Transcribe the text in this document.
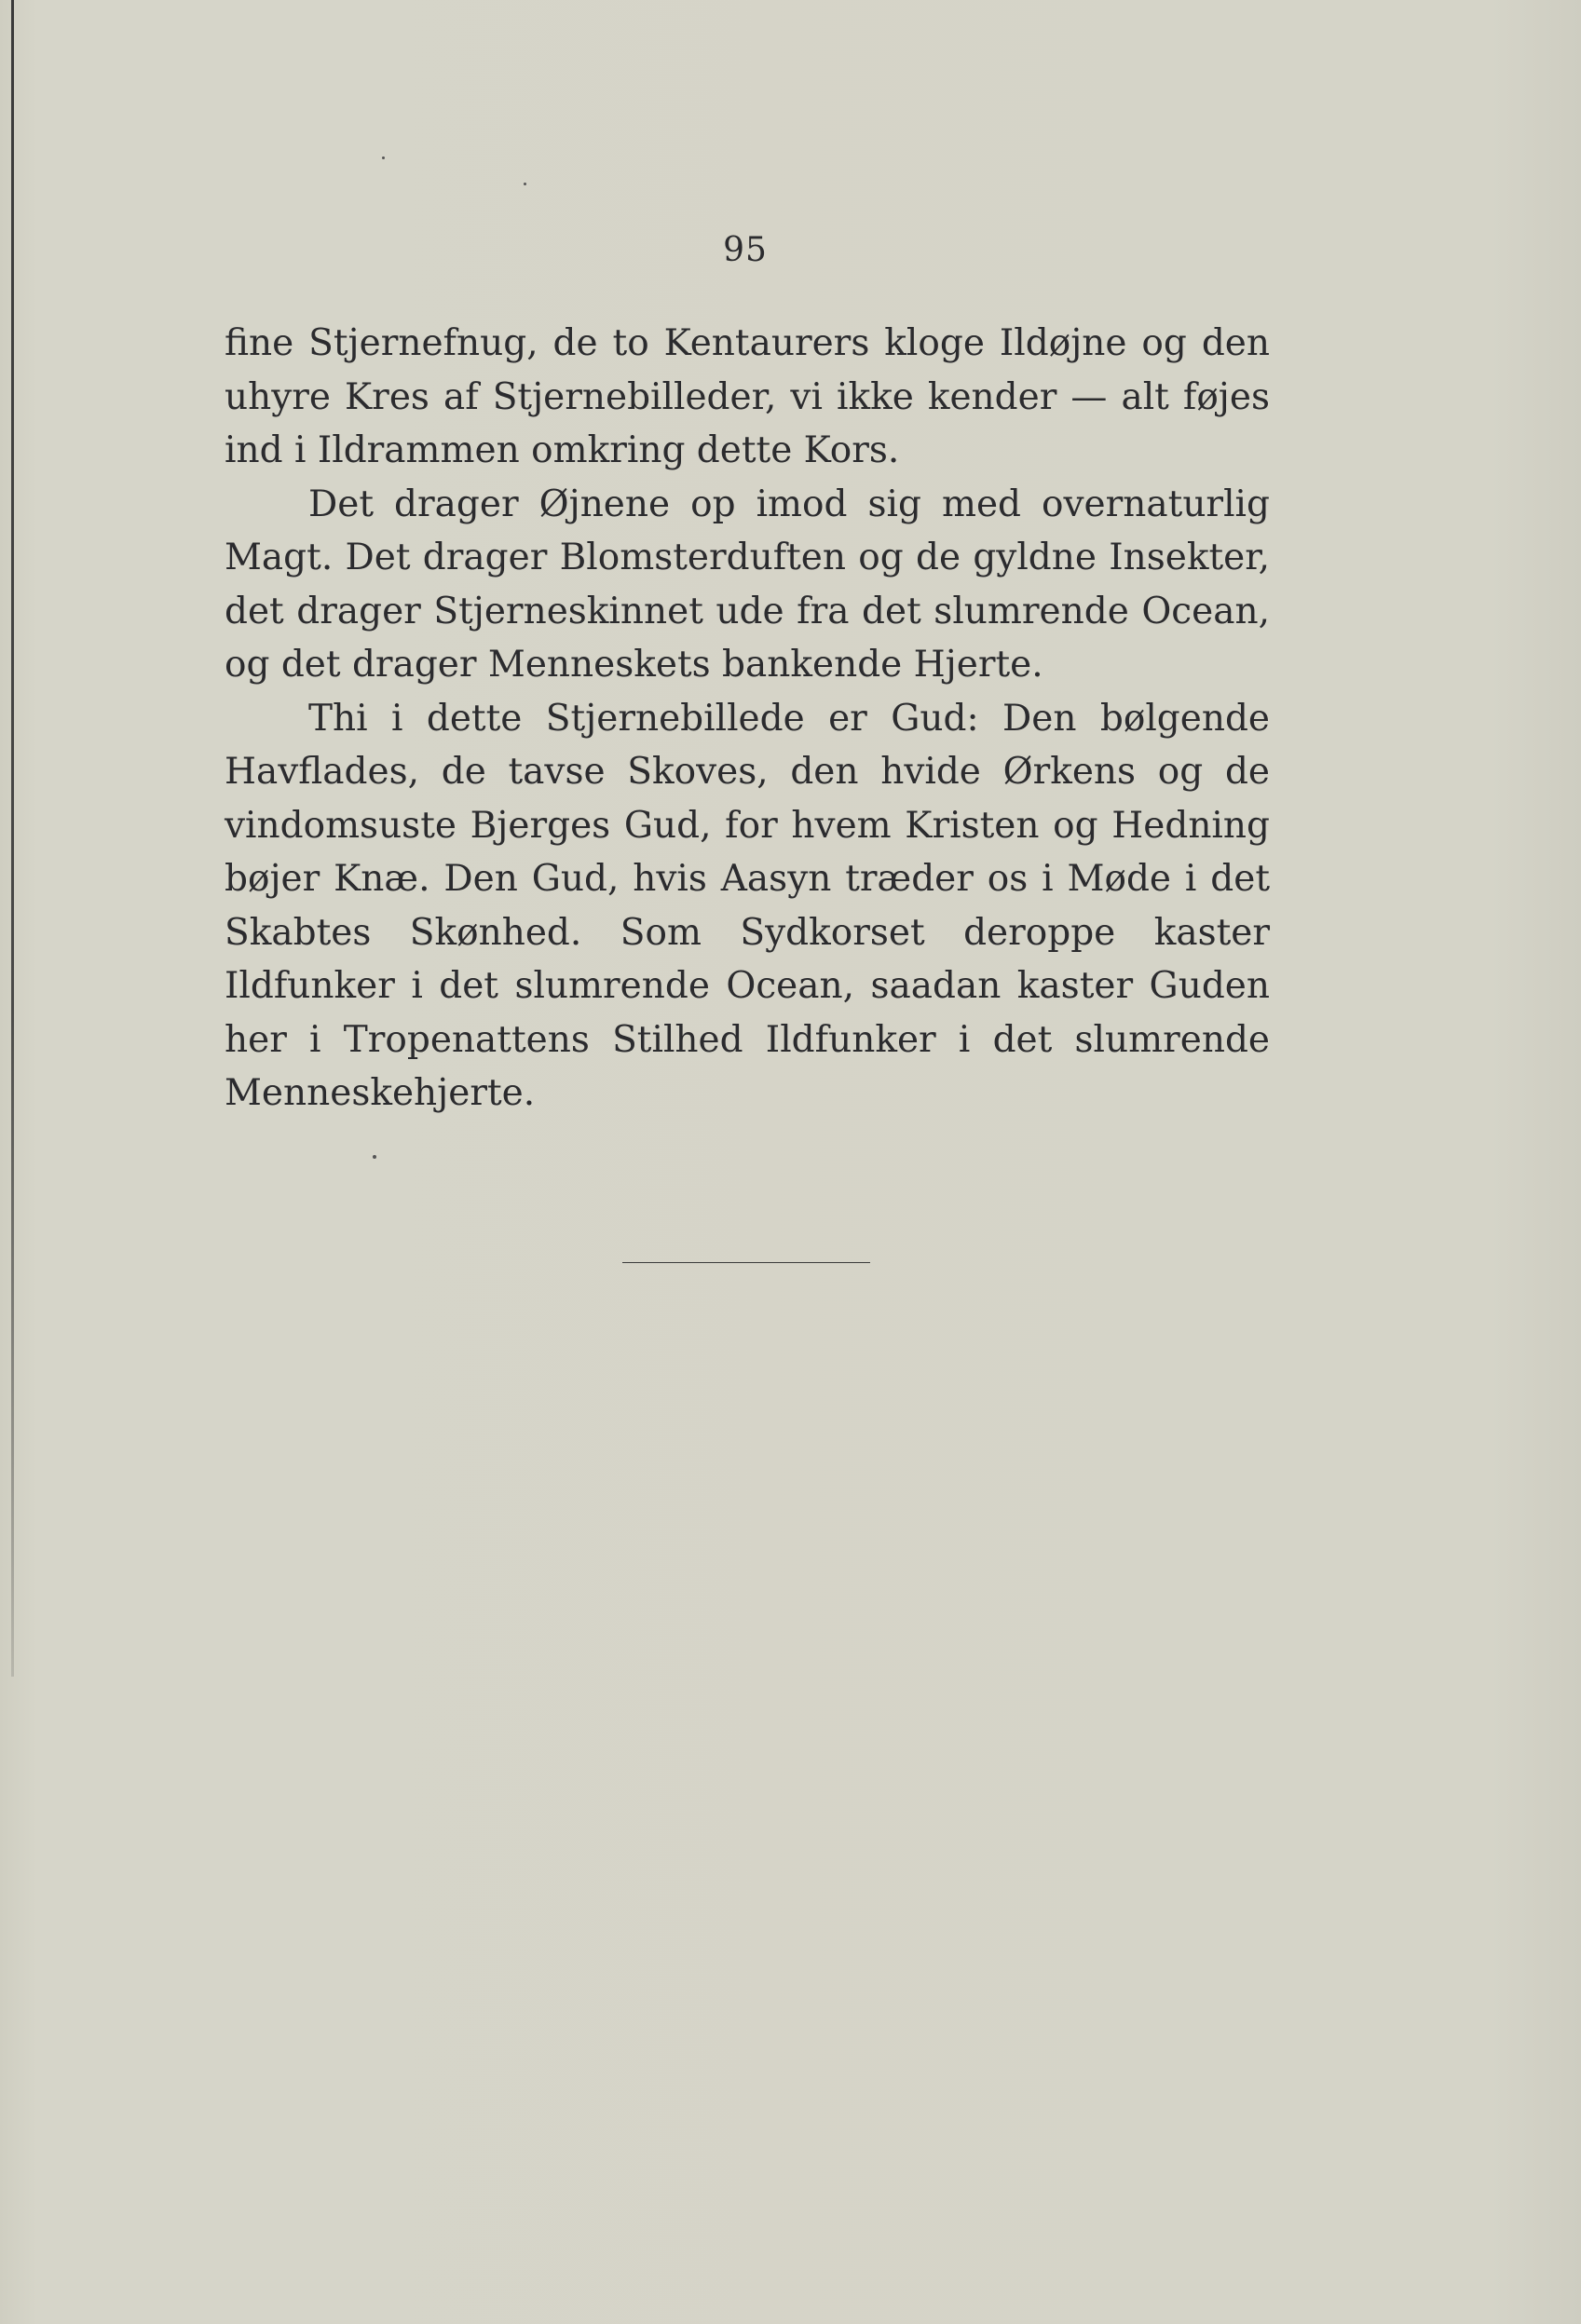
95

fine Stjernefnug, de to Kentaurers kloge Ildøjne og den uhyre Kres af Stjernebilleder, vi ikke kender — alt føjes ind i Ildrammen omkring dette Kors.

Det drager Øjnene op imod sig med overnaturlig Magt. Det drager Blomsterduften og de gyldne Insekter, det drager Stjerneskinnet ude fra det slumrende Ocean, og det drager Menneskets bankende Hjerte.

Thi i dette Stjernebillede er Gud: Den bølgende Havflades, de tavse Skoves, den hvide Ørkens og de vindomsuste Bjerges Gud, for hvem Kristen og Hedning bøjer Knæ. Den Gud, hvis Aasyn træder os i Møde i det Skabtes Skønhed. Som Sydkorset deroppe kaster Ildfunker i det slumrende Ocean, saadan kaster Guden her i Tropenattens Stilhed Ildfunker i det slumrende Menneskehjerte.
